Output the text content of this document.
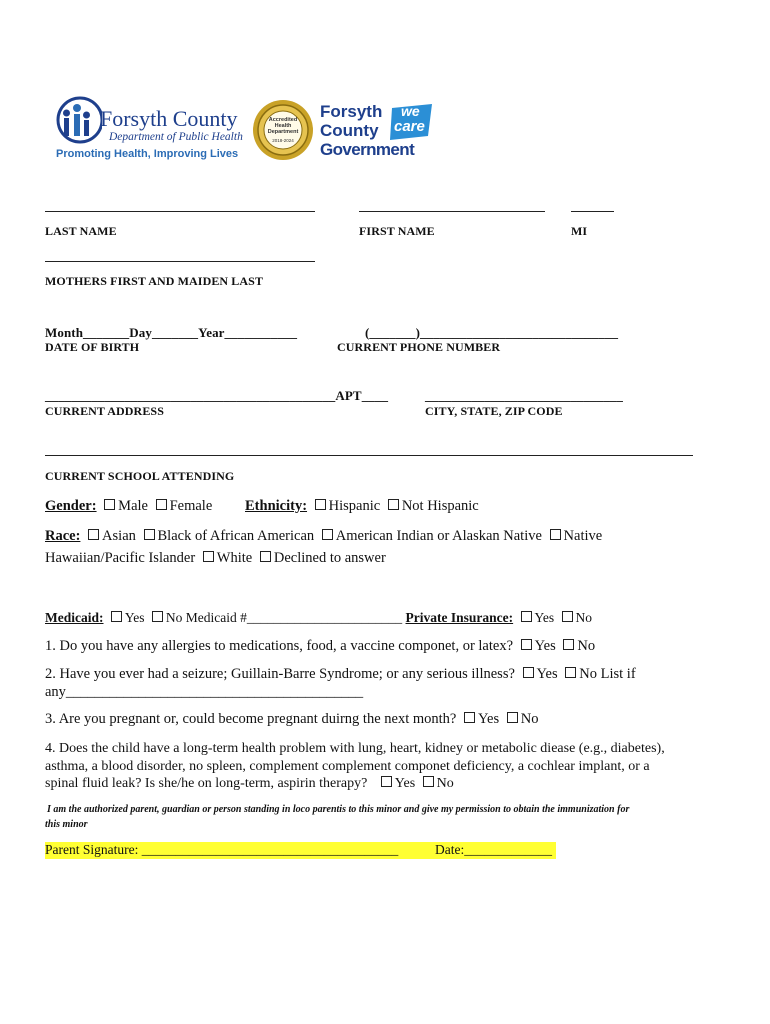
Forsyth County
Department of Public Health
Promoting Health, Improving Lives
Accredited Health Department
2018-2024
Forsyth
County
Government
we
care
LAST NAME	FIRST NAME	MI
MOTHERS FIRST AND MAIDEN LAST
Month_______Day_______Year___________
DATE OF BIRTH
(_______)______________________________
CURRENT PHONE NUMBER
____________________________________________APT____	______________________________
CURRENT ADDRESS	CITY, STATE, ZIP CODE
CURRENT SCHOOL ATTENDING
Gender: Male Female Ethnicity: Hispanic Not Hispanic
Race: Asian Black of African American American Indian or Alaskan Native Native
Hawaiian/Pacific Islander White Declined to answer
Medicaid: Yes No Medicaid #_______________________ Private Insurance: Yes No
1. Do you have any allergies to medications, food, a vaccine componet, or latex? Yes No
2. Have you ever had a seizure; Guillain-Barre Syndrome; or any serious illness? Yes No List if
any_________________________________________
3. Are you pregnant or, could become pregnant duirng the next month? Yes No
4. Does the child have a long-term health problem with lung, heart, kidney or metabolic diease (e.g., diabetes),
asthma, a blood disorder, no spleen, complement complement componet deficiency, a cochlear implant, or a
spinal fluid leak? Is she/he on long-term, aspirin therapy? Yes No
I am the authorized parent, guardian or person standing in loco parentis to this minor and give my permission to obtain the immunization for
this minor
Parent Signature: ______________________________________	Date:_____________
